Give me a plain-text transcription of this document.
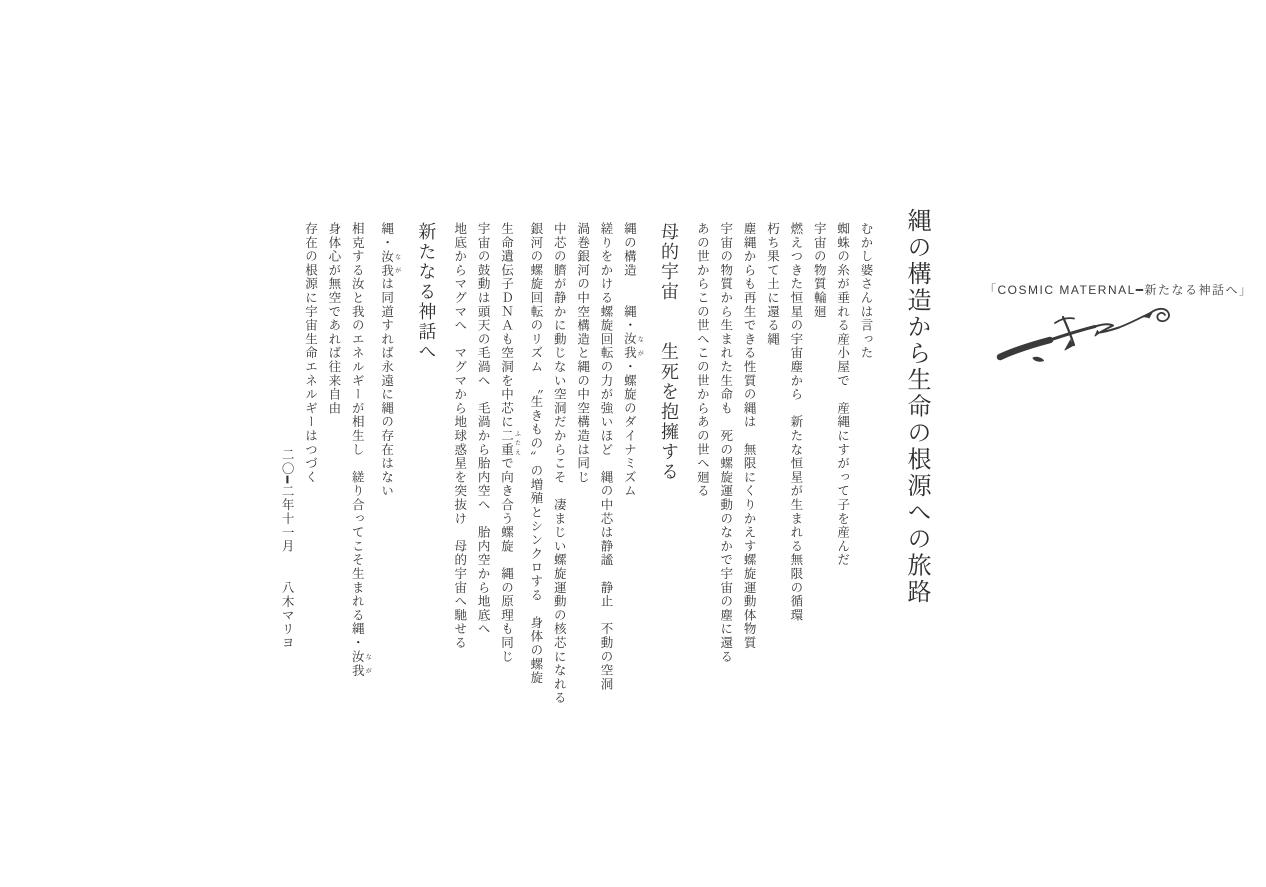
「COSMIC MATERNAL━新たなる神話へ」
縄の構造から生命の根源への旅路

むかし婆さんは言った

蜘蛛の糸が垂れる産小屋で　産縄にすがって子を産んだ

宇宙の物質輪廻

燃えつきた恒星の宇宙塵から　新たな恒星が生まれる無限の循環

朽ち果て土に還る縄

塵縄からも再生できる性質の縄は　無限にくりかえす螺旋運動体物質

宇宙の物質から生まれた生命も　死の螺旋運動のなかで宇宙の塵に還る

あの世からこの世へこの世からあの世へ廻る

母的宇宙　　生死を抱擁する

縄の構造　　縄・汝我 なが・螺旋のダイナミズム

縒りをかける螺旋回転の力が強いほど　縄の中芯は静謐　静止　不動の空洞

渦巻銀河の中空構造と縄の中空構造は同じ

中芯の臍が静かに動じない空洞だからこそ　凄まじい螺旋運動の核芯になれる

銀河の螺旋回転のリズム　〝生きもの〟の増殖とシンクロする　身体の螺旋

生命遺伝子ＤＮＡも空洞を中芯に二重 ふたえで向き合う螺旋　縄の原理も同じ

宇宙の鼓動は頭天の毛渦へ　毛渦から胎内空へ　胎内空から地底へ

地底からマグマへ　マグマから地球惑星を突抜け　母的宇宙へ馳せる

新たなる神話へ

縄・汝我 ながは同道すれば永遠に縄の存在はない

相克する汝と我のエネルギーが相生し　縒り合ってこそ生まれる縄・汝我 なが

身体心が無空であれば往来自由

存在の根源に宇宙生命エネルギーはつづく

二〇━二年十一月　　八木マリヨ
